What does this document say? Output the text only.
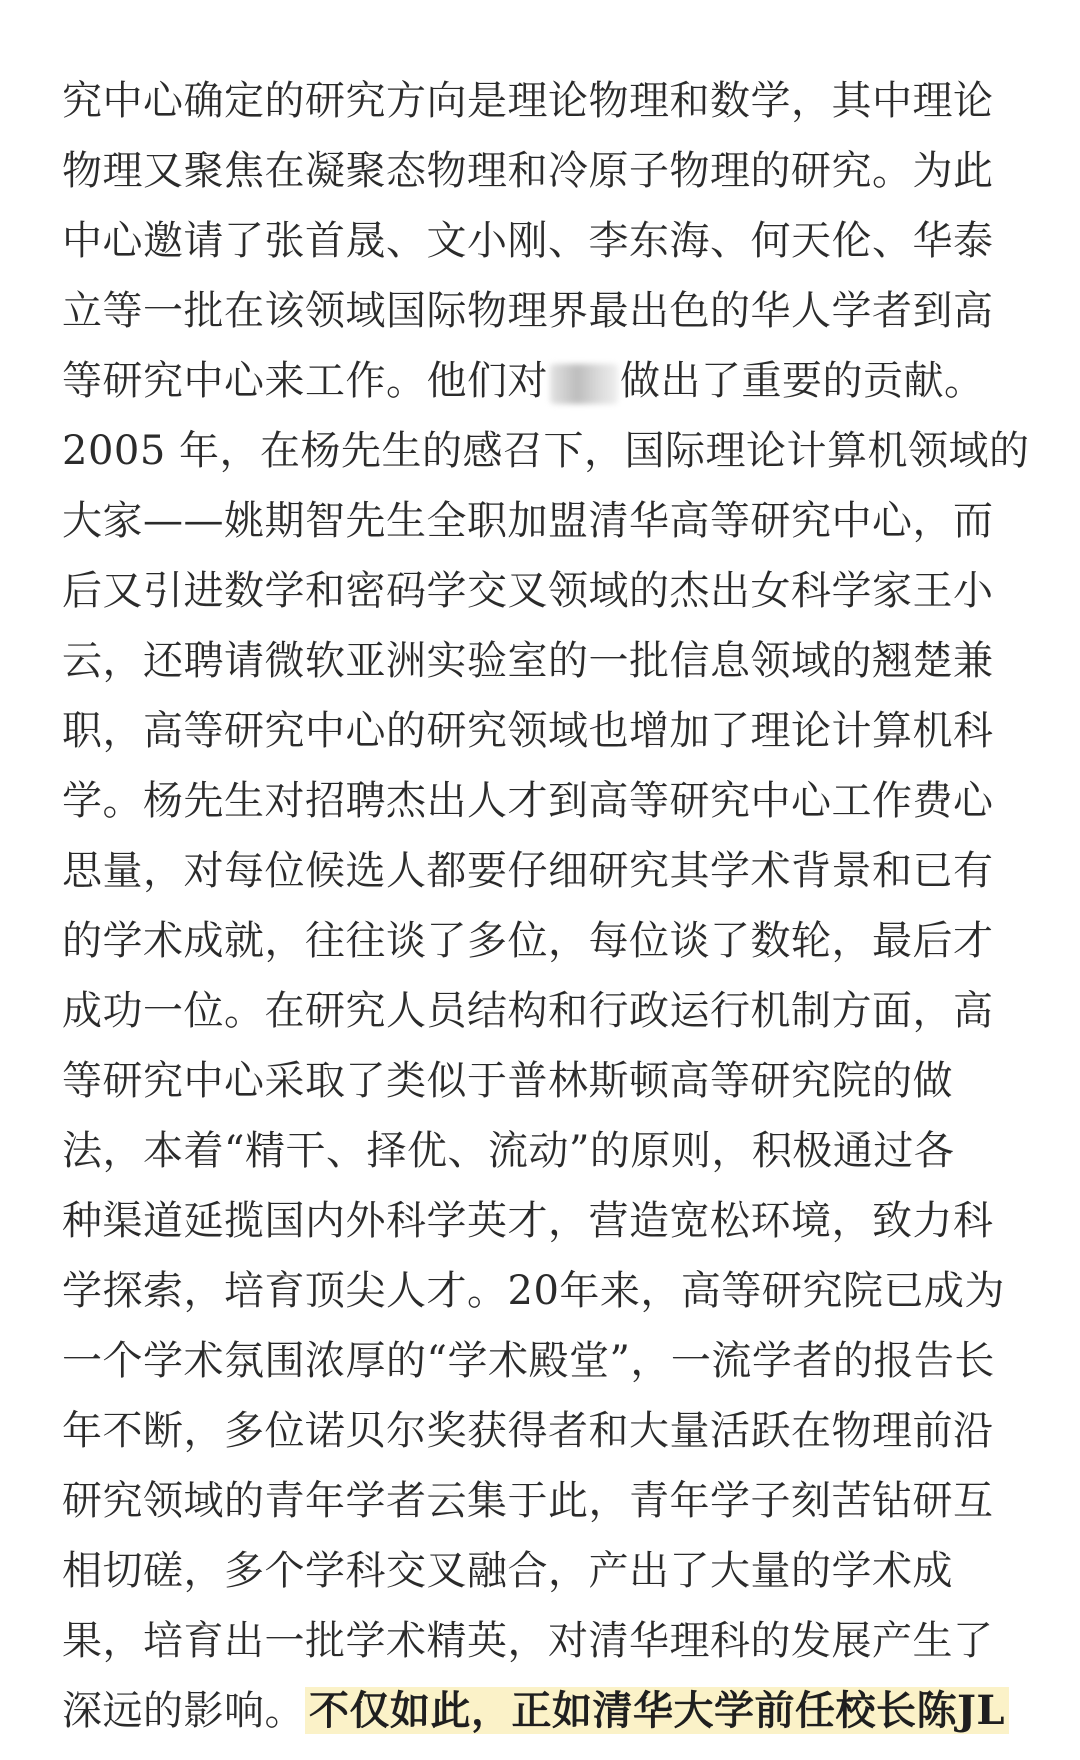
究中心确定的研究方向是理论物理和数学，其中理论
物理又聚焦在凝聚态物理和冷原子物理的研究。为此
中心邀请了张首晟、文小刚、李东海、何天伦、华泰
立等一批在该领域国际物理界最出色的华人学者到高
等研究中心来工作。他们对 做出了重要的贡献。
2005 年，在杨先生的感召下，国际理论计算机领域的
大家——姚期智先生全职加盟清华高等研究中心，而
后又引进数学和密码学交叉领域的杰出女科学家王小
云，还聘请微软亚洲实验室的一批信息领域的翘楚兼
职，高等研究中心的研究领域也增加了理论计算机科
学。杨先生对招聘杰出人才到高等研究中心工作费心
思量，对每位候选人都要仔细研究其学术背景和已有
的学术成就，往往谈了多位，每位谈了数轮，最后才
成功一位。在研究人员结构和行政运行机制方面，高
等研究中心采取了类似于普林斯顿高等研究院的做
法，本着“精干、择优、流动”的原则，积极通过各
种渠道延揽国内外科学英才，营造宽松环境，致力科
学探索，培育顶尖人才。20年来，高等研究院已成为
一个学术氛围浓厚的“学术殿堂”，一流学者的报告长
年不断，多位诺贝尔奖获得者和大量活跃在物理前沿
研究领域的青年学者云集于此，青年学子刻苦钻研互
相切磋，多个学科交叉融合，产出了大量的学术成
果，培育出一批学术精英，对清华理科的发展产生了
深远的影响。 不仅如此，正如清华大学前任校长陈JL
